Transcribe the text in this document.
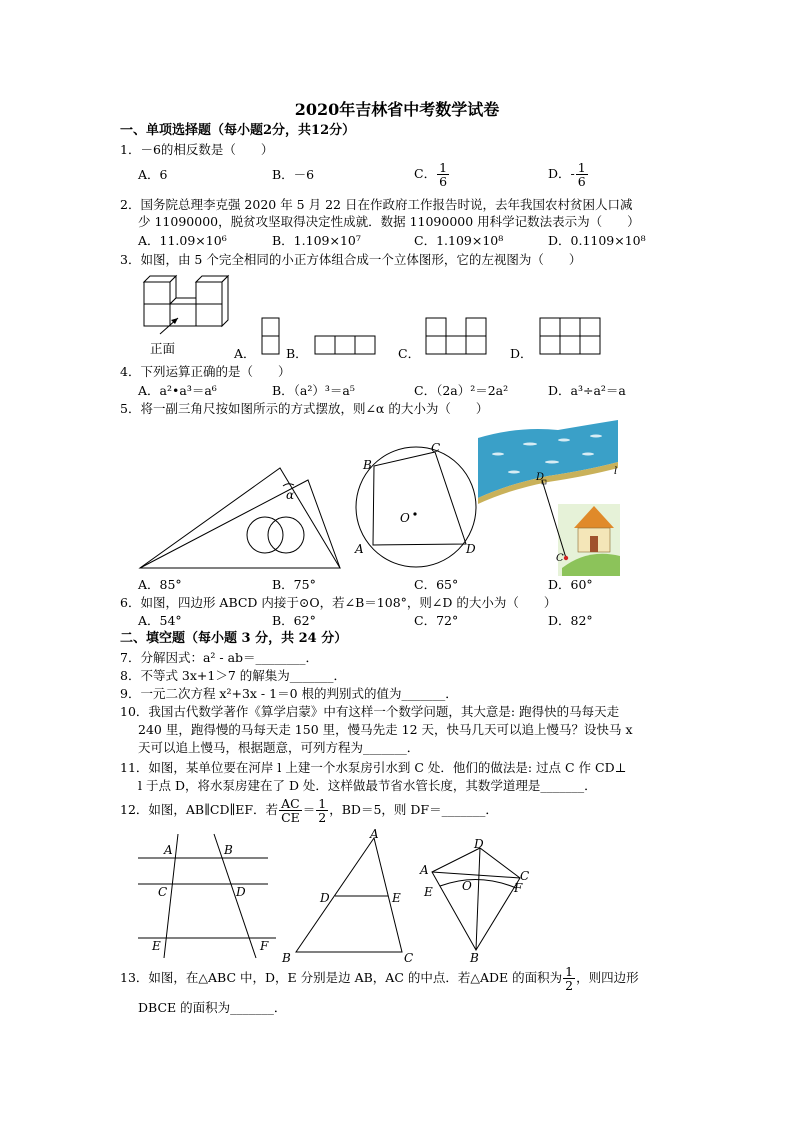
2020年吉林省中考数学试卷
一、单项选择题（每小题2分，共12分）
1．－6的相反数是（　　）
A．6	B．－6	C． $\frac{1}{6}$	D．- $\frac{1}{6}$
2．国务院总理李克强 2020 年 5 月 22 日在作政府工作报告时说，去年我国农村贫困人口减
少 11090000，脱贫攻坚取得决定性成就．数据 11090000 用科学记数法表示为（　　）
A．11.09×10⁶	B．1.109×10⁷	C．1.109×10⁸	D．0.1109×10⁸
3．如图，由 5 个完全相同的小正方体组合成一个立体图形，它的左视图为（　　）
正面	A． B．	C．	D．
4．下列运算正确的是（　　）
A．a²•a³＝a⁶	B．（a²）³＝a⁵	C．（2a）²＝2a²	D．a³÷a²＝a
5．将一副三角尺按如图所示的方式摆放，则∠α 的大小为（　　）
α
B
C
O
A	D
l
D
C
A．85°	B．75°	C．65°	D．60°
6．如图，四边形 ABCD 内接于⊙O，若∠B＝108°，则∠D 的大小为（　　）
A．54°	B．62°	C．72°	D．82°
二、填空题（每小题 3 分，共 24 分）
7．分解因式：a² - ab＝________．
8．不等式 3x+1＞7 的解集为_______．
9．一元二次方程 x²+3x - 1＝0 根的判别式的值为_______．
10．我国古代数学著作《算学启蒙》中有这样一个数学问题，其大意是: 跑得快的马每天走
240 里，跑得慢的马每天走 150 里，慢马先走 12 天，快马几天可以追上慢马？设快马 x
天可以追上慢马，根据题意，可列方程为_______．
11．如图，某单位要在河岸 l 上建一个水泵房引水到 C 处．他们的做法是: 过点 C 作 CD⊥
l 于点 D，将水泵房建在了 D 处．这样做最节省水管长度，其数学道理是_______．
12．如图，AB∥CD∥EF．若 $\frac{AC}{CE} = \frac{1}{2}$ ，BD＝5，则 DF＝_______．
A	B
C	D
E	F
A
B	C
D	E
D
A	C
E	F
O
B
13．如图，在△ABC 中，D，E 分别是边 AB，AC 的中点．若△ADE 的面积为 $\frac{1}{2}$ ，则四边形
DBCE 的面积为_______．
